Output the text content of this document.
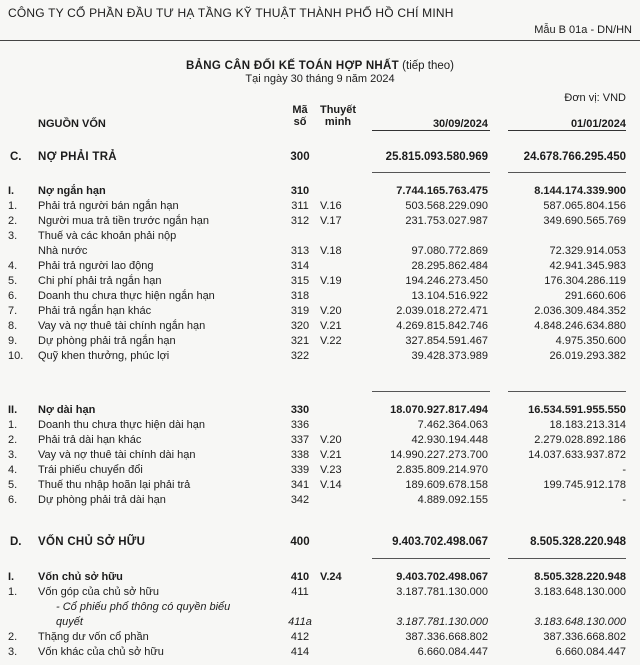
CÔNG TY CỔ PHẦN ĐẦU TƯ HẠ TẦNG KỸ THUẬT THÀNH PHỐ HỒ CHÍ MINH
Mẫu B 01a - DN/HN
BẢNG CÂN ĐỐI KẾ TOÁN HỢP NHẤT (tiếp theo)
Tại ngày 30 tháng 9 năm 2024
Đơn vị: VND
NGUỒN VỐN
Mã
số
Thuyết
minh	30/09/2024	01/01/2024
C. NỢ PHẢI TRẢ	300	25.815.093.580.969	24.678.766.295.450
I. Nợ ngắn hạn	310	7.744.165.763.475	8.144.174.339.900
1. Phải trả người bán ngắn hạn	311	V.16	503.568.229.090	587.065.804.156
2. Người mua trả tiền trước ngắn hạn	312 V.17	231.753.027.987	349.690.565.769
3. Thuế và các khoản phải nộp
Nhà nước	313 V.18	97.080.772.869	72.329.914.053
4. Phải trả người lao động	314	28.295.862.484	42.941.345.983
5. Chi phí phải trả ngắn hạn	315 V.19	194.246.273.450	176.304.286.119
6. Doanh thu chưa thực hiện ngắn hạn	318	13.104.516.922	291.660.606
7. Phải trả ngắn hạn khác	319 V.20	2.039.018.272.471	2.036.309.484.352
8. Vay và nợ thuê tài chính ngắn hạn	320 V.21	4.269.815.842.746	4.848.246.634.880
9. Dự phòng phải trả ngắn hạn	321 V.22	327.854.591.467	4.975.350.600
10. Quỹ khen thưởng, phúc lợi	322	39.428.373.989	26.019.293.382
II. Nợ dài hạn	330	18.070.927.817.494	16.534.591.955.550
1. Doanh thu chưa thực hiện dài hạn	336	7.462.364.063	18.183.213.314
2. Phải trả dài hạn khác	337 V.20	42.930.194.448	2.279.028.892.186
3. Vay và nợ thuê tài chính dài hạn	338 V.21	14.990.227.273.700	14.037.633.937.872
4. Trái phiếu chuyển đổi	339 V.23	2.835.809.214.970	-
5. Thuế thu nhập hoãn lại phải trả	341 V.14	189.609.678.158	199.745.912.178
6. Dự phòng phải trả dài hạn	342	4.889.092.155	-
D. VỐN CHỦ SỞ HỮU	400	9.403.702.498.067	8.505.328.220.948
I. Vốn chủ sở hữu	410 V.24	9.403.702.498.067	8.505.328.220.948
1. Vốn góp của chủ sở hữu	411	3.187.781.130.000	3.183.648.130.000
- Cổ phiếu phổ thông có quyền biểu
quyết	411a	3.187.781.130.000	3.183.648.130.000
2. Thặng dư vốn cổ phần	412	387.336.668.802	387.336.668.802
3. Vốn khác của chủ sở hữu	414	6.660.084.447	6.660.084.447
